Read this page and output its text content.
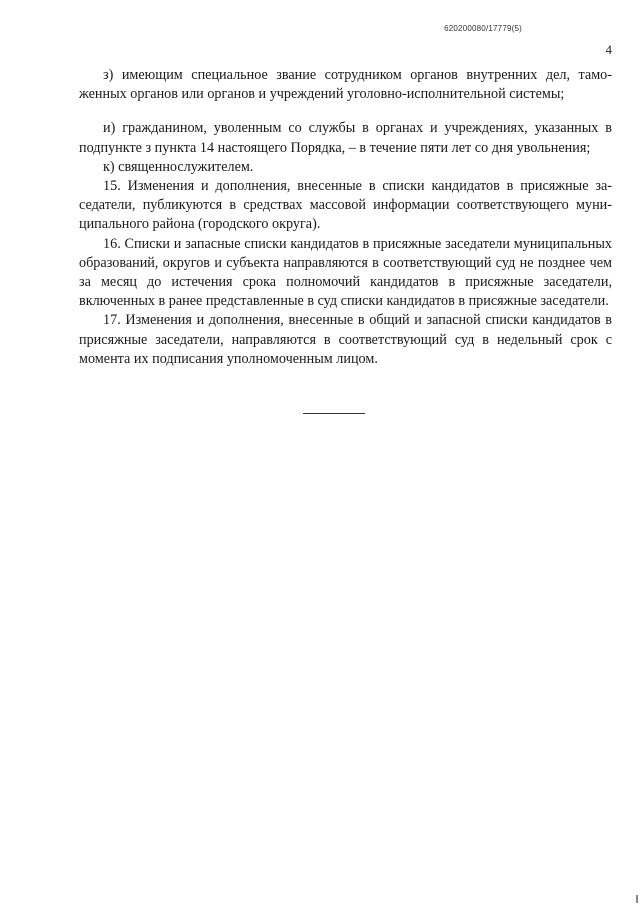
620200080/17779(5)
4

з) имеющим специальное звание сотрудником органов внутренних дел, таможенных органов или органов и учреждений уголовно-исполнительной системы;

и) гражданином, уволенным со службы в органах и учреждениях, указанных в подпункте з пункта 14 настоящего Порядка, – в течение пяти лет со дня увольнения;

к) священнослужителем.

15. Изменения и дополнения, внесенные в списки кандидатов в присяжные заседатели, публикуются в средствах массовой информации соответствующего муниципального района (городского округа).

16. Списки и запасные списки кандидатов в присяжные заседатели муниципальных образований, округов и субъекта направляются в соответствующий суд не позднее чем за месяц до истечения срока полномочий кандидатов в присяжные заседатели, включенных в ранее представленные в суд списки кандидатов в присяжные заседатели.

17. Изменения и дополнения, внесенные в общий и запасной списки кандидатов в присяжные заседатели, направляются в соответствующий суд в недельный срок с момента их подписания уполномоченным лицом.
